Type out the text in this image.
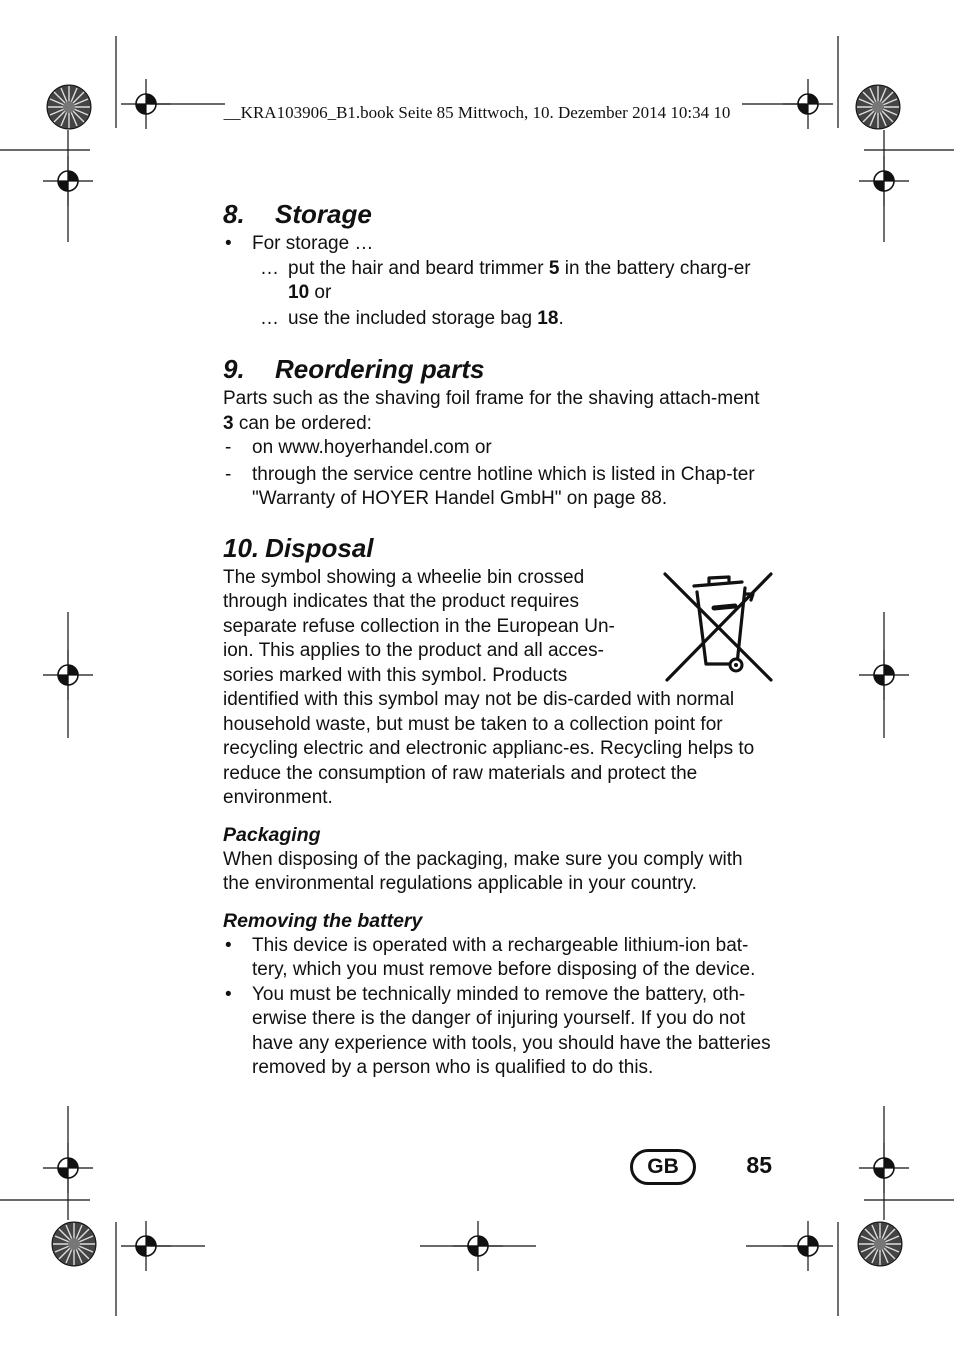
__KRA103906_B1.book Seite 85 Mittwoch, 10. Dezember 2014 10:34 10
8. Storage
• For storage …
… put the hair and beard trimmer 5 in the battery charg-er 10 or
… use the included storage bag 18.
9. Reordering parts

Parts such as the shaving foil frame for the shaving attach-ment 3 can be ordered:

- on www.hoyerhandel.com or
- through the service centre hotline which is listed in Chap-ter "Warranty of HOYER Handel GmbH" on page 88.
10. Disposal

The symbol showing a wheelie bin crossed through indicates that the product requires separate refuse collection in the European Un-ion. This applies to the product and all acces-sories marked with this symbol. Products identified with this symbol may not be dis-carded with normal household waste, but must be taken to a collection point for recycling electric and electronic applianc-es. Recycling helps to reduce the consumption of raw materials and protect the environment.

Packaging

When disposing of the packaging, make sure you comply with the environmental regulations applicable in your country.

Removing the battery
• This device is operated with a rechargeable lithium-ion bat-tery, which you must remove before disposing of the device.
• You must be technically minded to remove the battery, oth-erwise there is the danger of injuring yourself. If you do not have any experience with tools, you should have the batteries removed by a person who is qualified to do this.
GB	85
